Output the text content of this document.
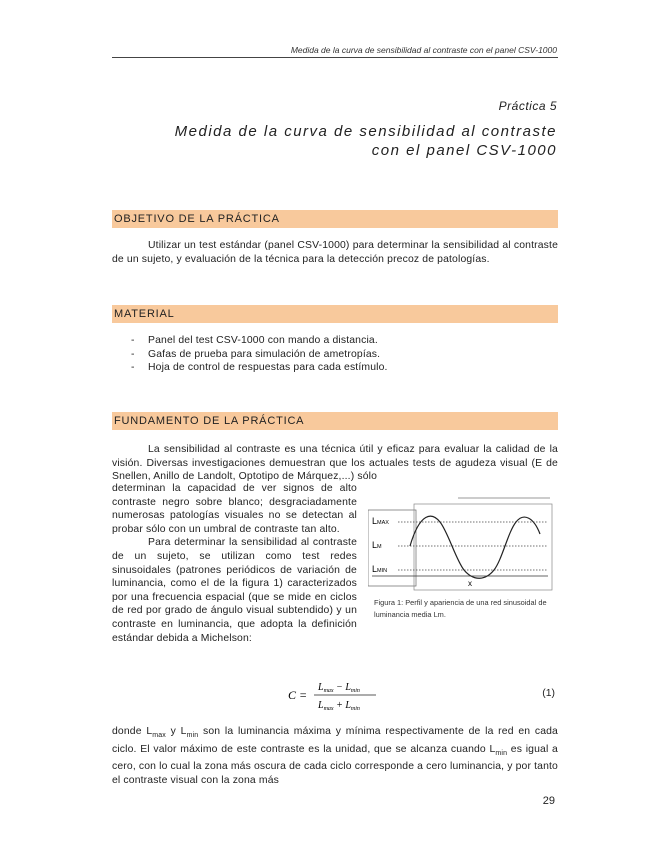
Medida de la curva de sensibilidad al contraste con el panel CSV-1000
Práctica 5
Medida de la curva de sensibilidad al contraste
con el panel CSV-1000
OBJETIVO DE LA PRÁCTICA

Utilizar un test estándar (panel CSV-1000) para determinar la sensibilidad al contraste de un sujeto, y evaluación de la técnica para la detección precoz de patologías.

MATERIAL
- Panel del test CSV-1000 con mando a distancia.
- Gafas de prueba para simulación de ametropías.
- Hoja de control de respuestas para cada estímulo.
FUNDAMENTO DE LA PRÁCTICA

La sensibilidad al contraste es una técnica útil y eficaz para evaluar la calidad de la visión. Diversas investigaciones demuestran que los actuales tests de agudeza visual (E de Snellen, Anillo de Landolt, Optotipo de Márquez,...) sólo

determinan la capacidad de ver signos de alto contraste negro sobre blanco; desgraciadamente numerosas patologías visuales no se detectan al probar sólo con un umbral de contraste tan alto.

Para determinar la sensibilidad al contraste de un sujeto, se utilizan como test redes sinusoidales (patrones periódicos de variación de luminancia, como el de la figura 1) caracterizados por una frecuencia espacial (que se mide en ciclos de red por grado de ángulo visual subtendido) y un contraste en luminancia, que adopta la definición estándar debida a Michelson:

LMAX
LM
LMIN
x
Figura 1: Perfil y apariencia de una red sinusoidal de luminancia media Lm.
C =
$L_{max} - L_{min}$
$L_{max} + L_{min}$
(1)

donde $L_{max}$ y $L_{min}$ son la luminancia máxima y mínima respectivamente de la red en cada ciclo. El valor máximo de este contraste es la unidad, que se alcanza cuando $L_{min}$ es igual a cero, con lo cual la zona más oscura de cada ciclo corresponde a cero luminancia, y por tanto el contraste visual con la zona más

29
